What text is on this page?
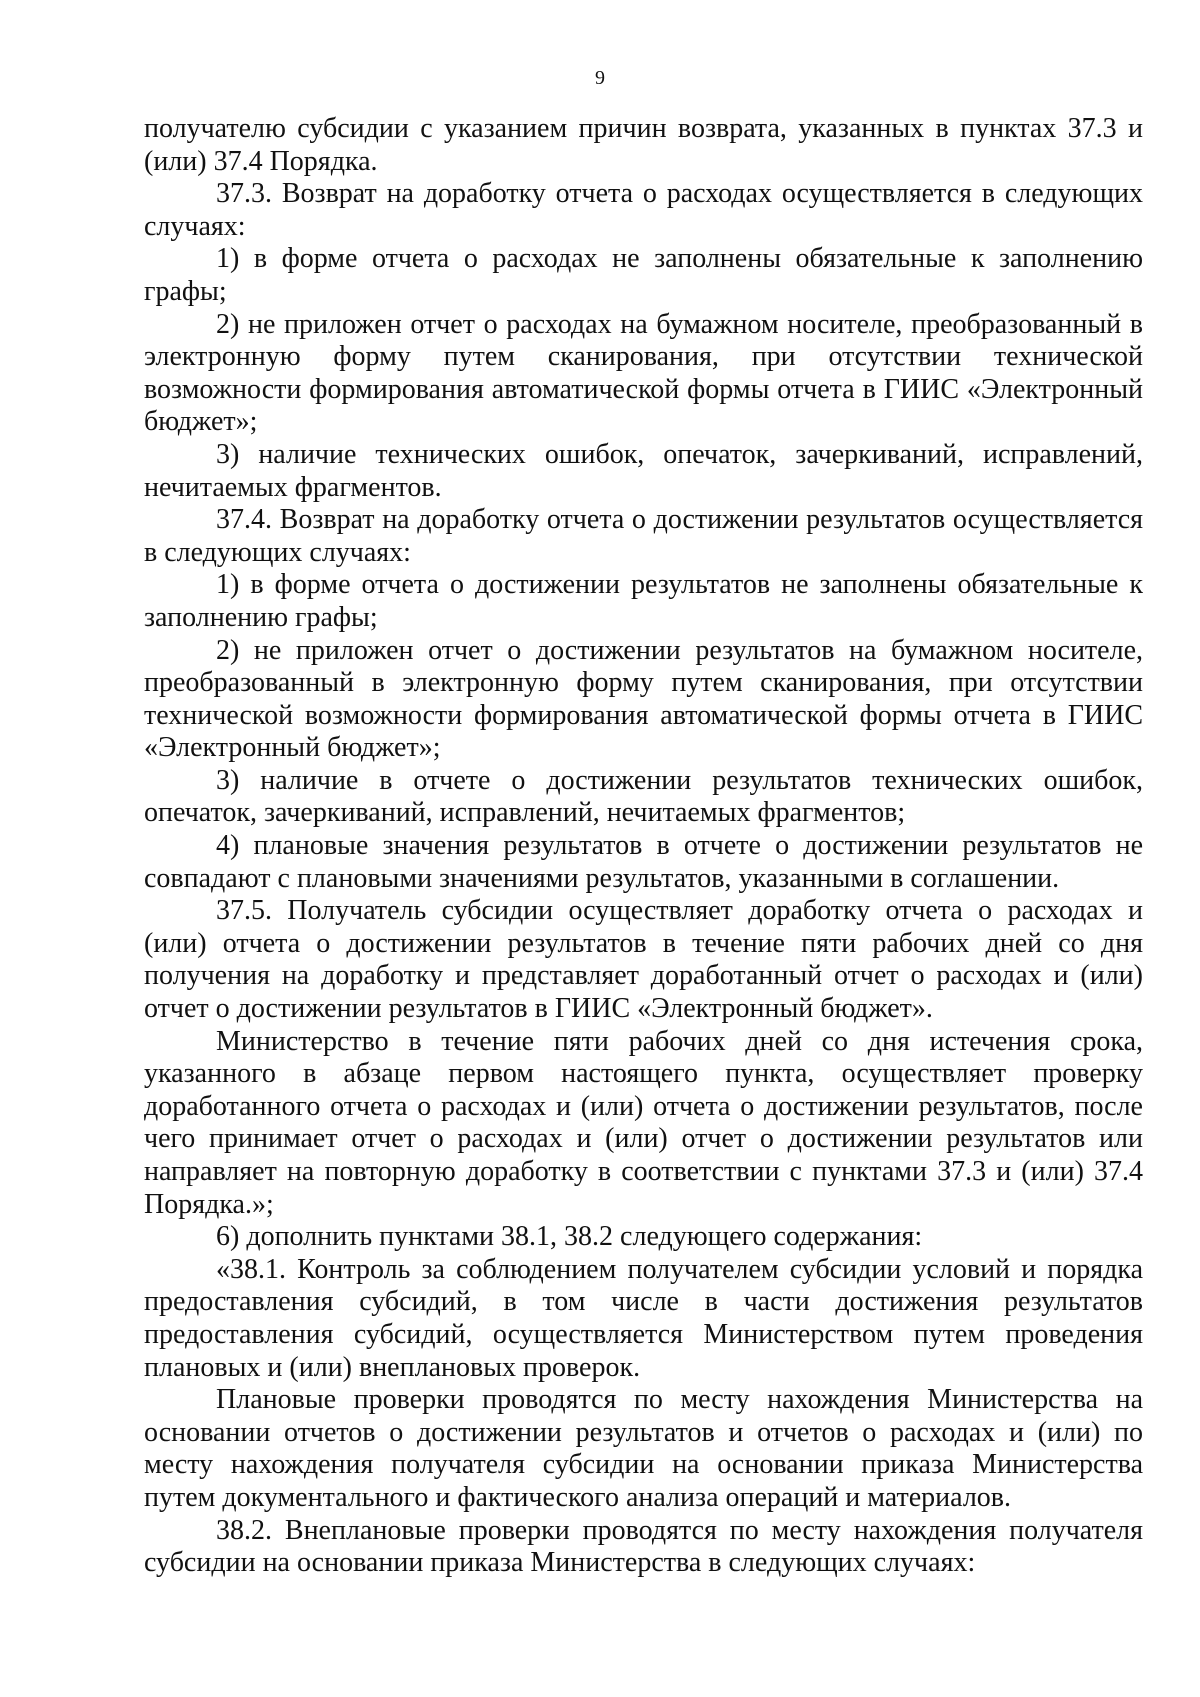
9

получателю субсидии с указанием причин возврата, указанных в пунктах 37.3 и (или) 37.4 Порядка.

37.3. Возврат на доработку отчета о расходах осуществляется в следующих случаях:

1) в форме отчета о расходах не заполнены обязательные к заполнению графы;

2) не приложен отчет о расходах на бумажном носителе, преобразованный в электронную форму путем сканирования, при отсутствии технической возможности формирования автоматической формы отчета в ГИИС «Электронный бюджет»;

3) наличие технических ошибок, опечаток, зачеркиваний, исправлений, нечитаемых фрагментов.

37.4. Возврат на доработку отчета о достижении результатов осуществляется в следующих случаях:

1) в форме отчета о достижении результатов не заполнены обязательные к заполнению графы;

2) не приложен отчет о достижении результатов на бумажном носителе, преобразованный в электронную форму путем сканирования, при отсутствии технической возможности формирования автоматической формы отчета в ГИИС «Электронный бюджет»;

3) наличие в отчете о достижении результатов технических ошибок, опечаток, зачеркиваний, исправлений, нечитаемых фрагментов;

4) плановые значения результатов в отчете о достижении результатов не совпадают с плановыми значениями результатов, указанными в соглашении.

37.5. Получатель субсидии осуществляет доработку отчета о расходах и (или) отчета о достижении результатов в течение пяти рабочих дней со дня получения на доработку и представляет доработанный отчет о расходах и (или) отчет о достижении результатов в ГИИС «Электронный бюджет».

Министерство в течение пяти рабочих дней со дня истечения срока, указанного в абзаце первом настоящего пункта, осуществляет проверку доработанного отчета о расходах и (или) отчета о достижении результатов, после чего принимает отчет о расходах и (или) отчет о достижении результатов или направляет на повторную доработку в соответствии с пунктами 37.3 и (или) 37.4 Порядка.»;

6) дополнить пунктами 38.1, 38.2 следующего содержания:

«38.1. Контроль за соблюдением получателем субсидии условий и порядка предоставления субсидий, в том числе в части достижения результатов предоставления субсидий, осуществляется Министерством путем проведения плановых и (или) внеплановых проверок.

Плановые проверки проводятся по месту нахождения Министерства на основании отчетов о достижении результатов и отчетов о расходах и (или) по месту нахождения получателя субсидии на основании приказа Министерства путем документального и фактического анализа операций и материалов.

38.2. Внеплановые проверки проводятся по месту нахождения получателя субсидии на основании приказа Министерства в следующих случаях:
